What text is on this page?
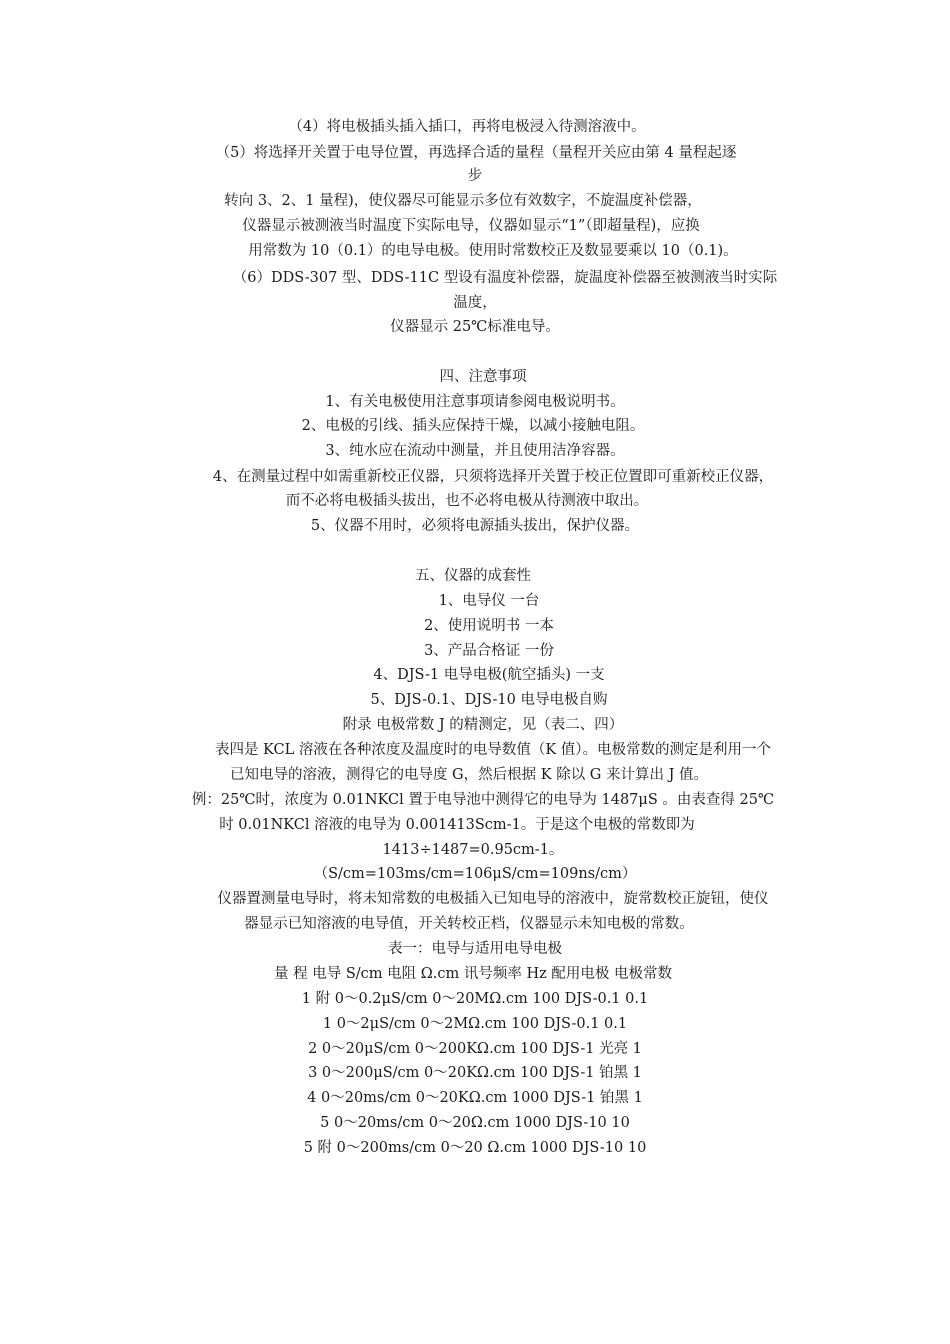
（4）将电极插头插入插口，再将电极浸入待测溶液中。
（5）将选择开关置于电导位置，再选择合适的量程（量程开关应由第 4 量程起逐
步
转向 3、2、1 量程)，使仪器尽可能显示多位有效数字，不旋温度补偿器，
仪器显示被测液当时温度下实际电导，仪器如显示“1”（即超量程)，应换
用常数为 10（0.1）的电导电极。使用时常数校正及数显要乘以 10（0.1)。
（6）DDS-307 型、DDS-11C 型设有温度补偿器，旋温度补偿器至被测液当时实际
温度，
仪器显示 25℃标准电导。
四、注意事项
1、有关电极使用注意事项请参阅电极说明书。
2、电极的引线、插头应保持干燥，以减小接触电阻。
3、纯水应在流动中测量，并且使用洁净容器。
4、在测量过程中如需重新校正仪器，只须将选择开关置于校正位置即可重新校正仪器，
而不必将电极插头拔出，也不必将电极从待测液中取出。
5、仪器不用时，必须将电源插头拔出，保护仪器。
五、仪器的成套性
1、电导仪 一台
2、使用说明书 一本
3、产品合格证 一份
4、DJS-1 电导电极(航空插头) 一支
5、DJS-0.1、DJS-10 电导电极自购
附录 电极常数 J 的精测定，见（表二、四）
表四是 KCL 溶液在各种浓度及温度时的电导数值（K 值）。电极常数的测定是利用一个
已知电导的溶液，测得它的电导度 G，然后根据 K 除以 G 来计算出 J 值。
例：25℃时，浓度为 0.01NKCl 置于电导池中测得它的电导为 1487μS 。由表查得 25℃
时 0.01NKCl 溶液的电导为 0.001413Scm-1。于是这个电极的常数即为
1413÷1487=0.95cm-1。
（S/cm=103ms/cm=106μS/cm=109ns/cm）
仪器置测量电导时，将未知常数的电极插入已知电导的溶液中，旋常数校正旋钮，使仪
器显示已知溶液的电导值，开关转校正档，仪器显示未知电极的常数。
表一：电导与适用电导电极
量 程 电导 S/cm 电阻 Ω.cm 讯号频率 Hz 配用电极 电极常数
1 附 0～0.2μS/cm 0～20MΩ.cm 100 DJS-0.1 0.1
1 0～2μS/cm 0～2MΩ.cm 100 DJS-0.1 0.1
2 0～20μS/cm 0～200KΩ.cm 100 DJS-1 光亮 1
3 0～200μS/cm 0～20KΩ.cm 100 DJS-1 铂黑 1
4 0～20ms/cm 0～20KΩ.cm 1000 DJS-1 铂黑 1
5 0～20ms/cm 0～20Ω.cm 1000 DJS-10 10
5 附 0～200ms/cm 0～20 Ω.cm 1000 DJS-10 10
